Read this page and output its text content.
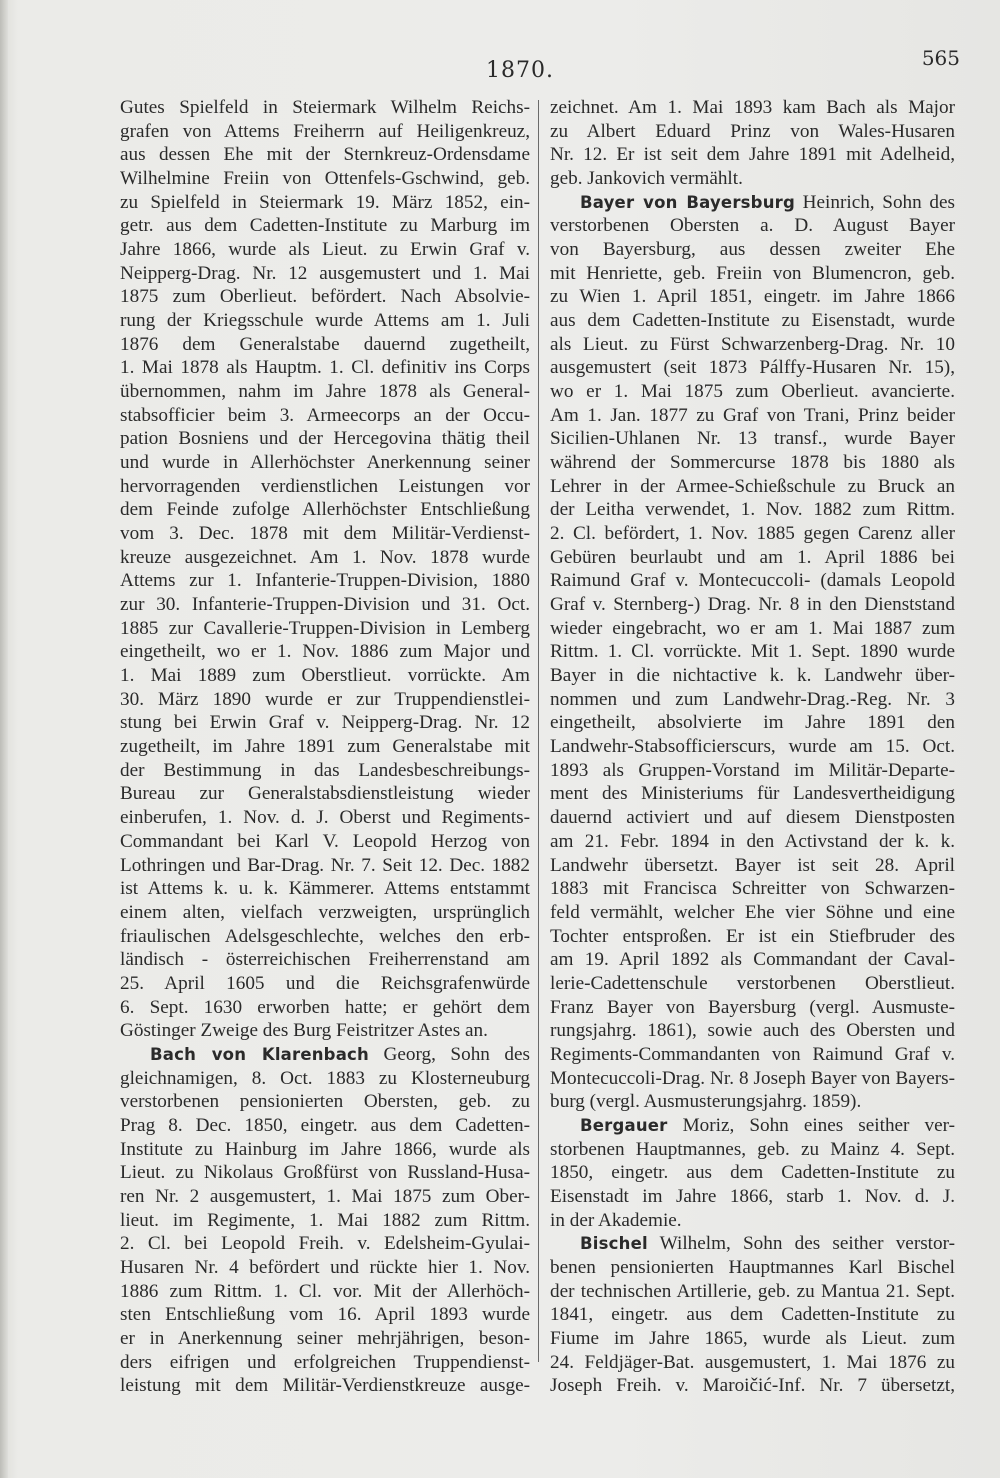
1870.	565
Gutes Spielfeld in Steiermark Wilhelm Reichs-
grafen von Attems Freiherrn auf Heiligenkreuz,
aus dessen Ehe mit der Sternkreuz-Ordensdame
Wilhelmine Freiin von Ottenfels-Gschwind, geb.
zu Spielfeld in Steiermark 19. März 1852, ein-
getr. aus dem Cadetten-Institute zu Marburg im
Jahre 1866, wurde als Lieut. zu Erwin Graf v.
Neipperg-Drag. Nr. 12 ausgemustert und 1. Mai
1875 zum Oberlieut. befördert. Nach Absolvie-
rung der Kriegsschule wurde Attems am 1. Juli
1876 dem Generalstabe dauernd zugetheilt,
1. Mai 1878 als Hauptm. 1. Cl. definitiv ins Corps
übernommen, nahm im Jahre 1878 als General-
stabsofficier beim 3. Armeecorps an der Occu-
pation Bosniens und der Hercegovina thätig theil
und wurde in Allerhöchster Anerkennung seiner
hervorragenden verdienstlichen Leistungen vor
dem Feinde zufolge Allerhöchster Entschließung
vom 3. Dec. 1878 mit dem Militär-Verdienst-
kreuze ausgezeichnet. Am 1. Nov. 1878 wurde
Attems zur 1. Infanterie-Truppen-Division, 1880
zur 30. Infanterie-Truppen-Division und 31. Oct.
1885 zur Cavallerie-Truppen-Division in Lemberg
eingetheilt, wo er 1. Nov. 1886 zum Major und
1. Mai 1889 zum Oberstlieut. vorrückte. Am
30. März 1890 wurde er zur Truppendienstlei-
stung bei Erwin Graf v. Neipperg-Drag. Nr. 12
zugetheilt, im Jahre 1891 zum Generalstabe mit
der Bestimmung in das Landesbeschreibungs-
Bureau zur Generalstabsdienstleistung wieder
einberufen, 1. Nov. d. J. Oberst und Regiments-
Commandant bei Karl V. Leopold Herzog von
Lothringen und Bar-Drag. Nr. 7. Seit 12. Dec. 1882
ist Attems k. u. k. Kämmerer. Attems entstammt
einem alten, vielfach verzweigten, ursprünglich
friaulischen Adelsgeschlechte, welches den erb-
ländisch - österreichischen Freiherrenstand am
25. April 1605 und die Reichsgrafenwürde
6. Sept. 1630 erworben hatte; er gehört dem
Göstinger Zweige des Burg Feistritzer Astes an.
Bach von Klarenbach Georg, Sohn des
gleichnamigen, 8. Oct. 1883 zu Klosterneuburg
verstorbenen pensionierten Obersten, geb. zu
Prag 8. Dec. 1850, eingetr. aus dem Cadetten-
Institute zu Hainburg im Jahre 1866, wurde als
Lieut. zu Nikolaus Großfürst von Russland-Husa-
ren Nr. 2 ausgemustert, 1. Mai 1875 zum Ober-
lieut. im Regimente, 1. Mai 1882 zum Rittm.
2. Cl. bei Leopold Freih. v. Edelsheim-Gyulai-
Husaren Nr. 4 befördert und rückte hier 1. Nov.
1886 zum Rittm. 1. Cl. vor. Mit der Allerhöch-
sten Entschließung vom 16. April 1893 wurde
er in Anerkennung seiner mehrjährigen, beson-
ders eifrigen und erfolgreichen Truppendienst-
leistung mit dem Militär-Verdienstkreuze ausge-
zeichnet. Am 1. Mai 1893 kam Bach als Major
zu Albert Eduard Prinz von Wales-Husaren
Nr. 12. Er ist seit dem Jahre 1891 mit Adelheid,
geb. Jankovich vermählt.
Bayer von Bayersburg Heinrich, Sohn des
verstorbenen Obersten a. D. August Bayer
von Bayersburg, aus dessen zweiter Ehe
mit Henriette, geb. Freiin von Blumencron, geb.
zu Wien 1. April 1851, eingetr. im Jahre 1866
aus dem Cadetten-Institute zu Eisenstadt, wurde
als Lieut. zu Fürst Schwarzenberg-Drag. Nr. 10
ausgemustert (seit 1873 Pálffy-Husaren Nr. 15),
wo er 1. Mai 1875 zum Oberlieut. avancierte.
Am 1. Jan. 1877 zu Graf von Trani, Prinz beider
Sicilien-Uhlanen Nr. 13 transf., wurde Bayer
während der Sommercurse 1878 bis 1880 als
Lehrer in der Armee-Schießschule zu Bruck an
der Leitha verwendet, 1. Nov. 1882 zum Rittm.
2. Cl. befördert, 1. Nov. 1885 gegen Carenz aller
Gebüren beurlaubt und am 1. April 1886 bei
Raimund Graf v. Montecuccoli- (damals Leopold
Graf v. Sternberg-) Drag. Nr. 8 in den Dienststand
wieder eingebracht, wo er am 1. Mai 1887 zum
Rittm. 1. Cl. vorrückte. Mit 1. Sept. 1890 wurde
Bayer in die nichtactive k. k. Landwehr über-
nommen und zum Landwehr-Drag.-Reg. Nr. 3
eingetheilt, absolvierte im Jahre 1891 den
Landwehr-Stabsofficierscurs, wurde am 15. Oct.
1893 als Gruppen-Vorstand im Militär-Departe-
ment des Ministeriums für Landesvertheidigung
dauernd activiert und auf diesem Dienstposten
am 21. Febr. 1894 in den Activstand der k. k.
Landwehr übersetzt. Bayer ist seit 28. April
1883 mit Francisca Schreitter von Schwarzen-
feld vermählt, welcher Ehe vier Söhne und eine
Tochter entsproßen. Er ist ein Stiefbruder des
am 19. April 1892 als Commandant der Caval-
lerie-Cadettenschule verstorbenen Oberstlieut.
Franz Bayer von Bayersburg (vergl. Ausmuste-
rungsjahrg. 1861), sowie auch des Obersten und
Regiments-Commandanten von Raimund Graf v.
Montecuccoli-Drag. Nr. 8 Joseph Bayer von Bayers-
burg (vergl. Ausmusterungsjahrg. 1859).
Bergauer Moriz, Sohn eines seither ver-
storbenen Hauptmannes, geb. zu Mainz 4. Sept.
1850, eingetr. aus dem Cadetten-Institute zu
Eisenstadt im Jahre 1866, starb 1. Nov. d. J.
in der Akademie.
Bischel Wilhelm, Sohn des seither verstor-
benen pensionierten Hauptmannes Karl Bischel
der technischen Artillerie, geb. zu Mantua 21. Sept.
1841, eingetr. aus dem Cadetten-Institute zu
Fiume im Jahre 1865, wurde als Lieut. zum
24. Feldjäger-Bat. ausgemustert, 1. Mai 1876 zu
Joseph Freih. v. Maroičić-Inf. Nr. 7 übersetzt,
